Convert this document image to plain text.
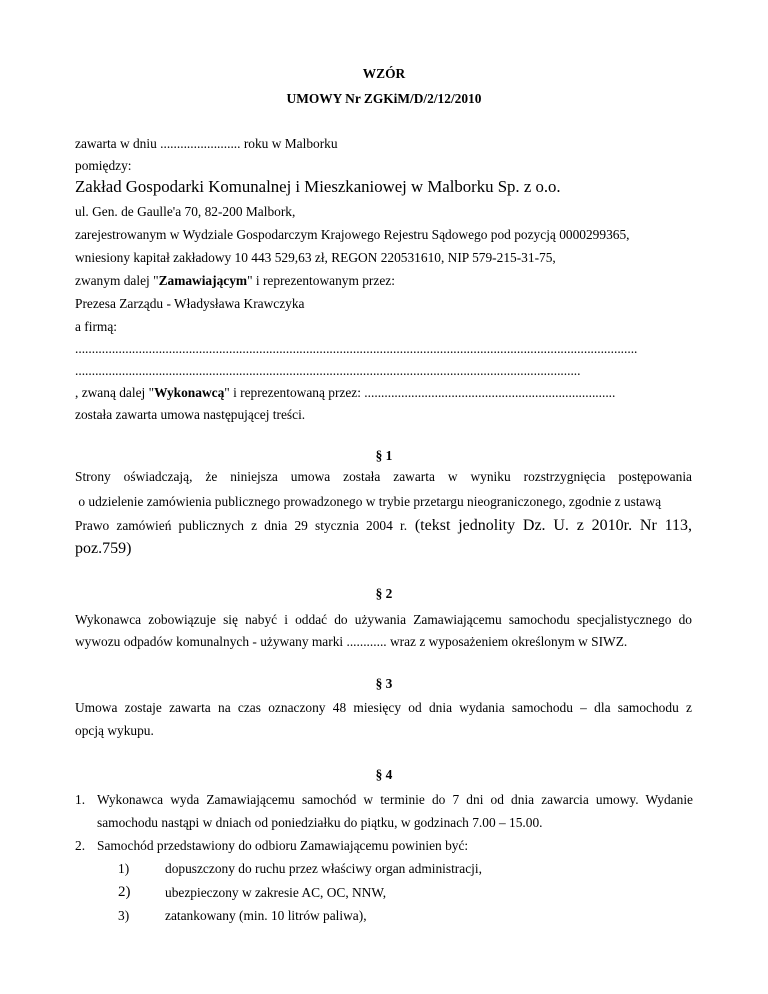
WZÓR
UMOWY Nr ZGKiM/D/2/12/2010
zawarta w dniu ........................ roku w Malborku
pomiędzy:
Zakład Gospodarki Komunalnej i Mieszkaniowej w Malborku Sp. z o.o.
ul. Gen. de Gaulle'a 70, 82-200 Malbork,
zarejestrowanym w Wydziale Gospodarczym Krajowego Rejestru Sądowego pod pozycją 0000299365,
wniesiony kapitał zakładowy 10 443 529,63 zł, REGON 220531610, NIP 579-215-31-75,
zwanym dalej "Zamawiającym" i reprezentowanym przez:
Prezesa Zarządu - Władysława Krawczyka
a firmą:
........................................................................................................................................................................
.......................................................................................................................................................
, zwaną dalej "Wykonawcą" i reprezentowaną przez: ...........................................................................
została zawarta umowa następującej treści.
§ 1
Strony oświadczają, że niniejsza umowa została zawarta w wyniku rozstrzygnięcia postępowania
o udzielenie zamówienia publicznego prowadzonego w trybie przetargu nieograniczonego, zgodnie z ustawą
Prawo zamówień publicznych z dnia 29 stycznia 2004 r. (tekst jednolity Dz. U. z 2010r. Nr 113,
poz.759)
§ 2
Wykonawca zobowiązuje się nabyć i oddać do używania Zamawiającemu samochodu specjalistycznego do
wywozu odpadów komunalnych - używany marki ............ wraz z wyposażeniem określonym w SIWZ.
§ 3
Umowa zostaje zawarta na czas oznaczony 48 miesięcy od dnia wydania samochodu – dla samochodu z
opcją wykupu.
§ 4
1. Wykonawca wyda Zamawiającemu samochód w terminie do 7 dni od dnia zawarcia umowy. Wydanie
samochodu nastąpi w dniach od poniedziałku do piątku, w godzinach 7.00 – 15.00.
2. Samochód przedstawiony do odbioru Zamawiającemu powinien być:
1)	dopuszczony do ruchu przez właściwy organ administracji,
2)	ubezpieczony w zakresie AC, OC, NNW,
3)	zatankowany (min. 10 litrów paliwa),
